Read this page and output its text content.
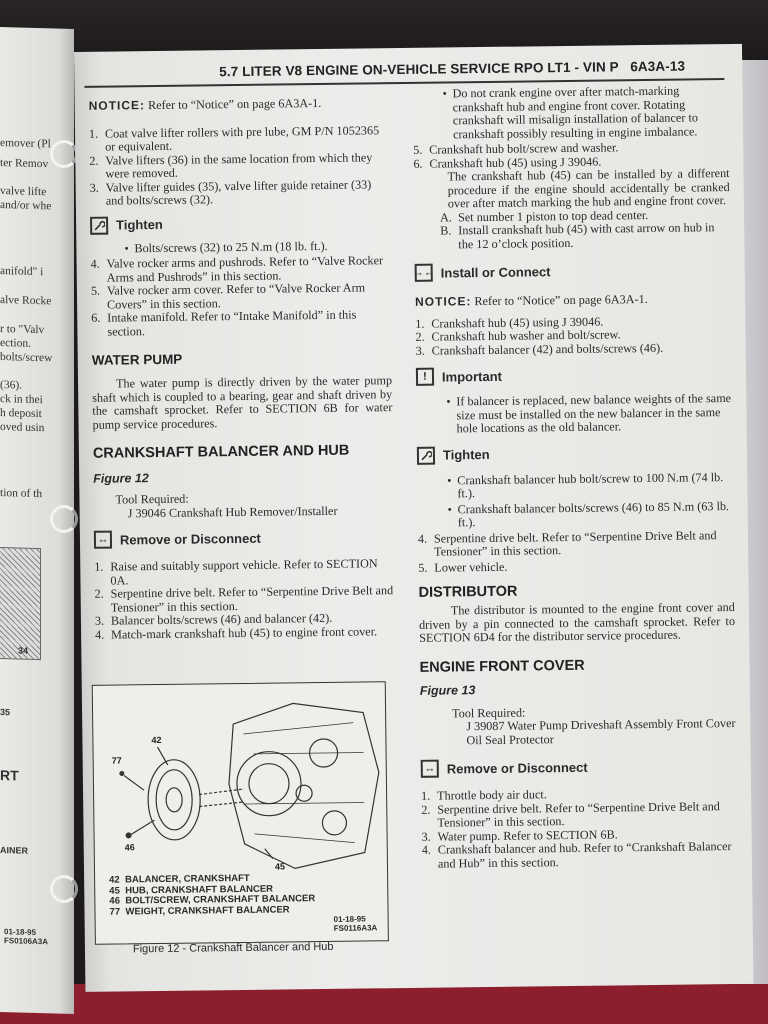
emover (Pl
ter Remov
valve lifte
and/or whe
anifold" i
alve Rocke
r to "Valv
ection.
bolts/screw
(36).
ck in thei
h deposit
oved usin
tion of th
34
35
RT
AINER
01-18-95
FS0106A3A
5.7 LITER V8 ENGINE ON-VEHICLE SERVICE RPO LT1 - VIN P 6A3A-13

NOTICE: Refer to “Notice” on page 6A3A-1.

1. Coat valve lifter rollers with pre lube, GM P/N 1052365 or equivalent.
2. Valve lifters (36) in the same location from which they were removed.
3. Valve lifter guides (35), valve lifter guide retainer (33) and bolts/screws (32).
Tighten
• Bolts/screws (32) to 25 N.m (18 lb. ft.).
4. Valve rocker arms and pushrods. Refer to “Valve Rocker Arms and Pushrods” in this section.
5. Valve rocker arm cover. Refer to “Valve Rocker Arm Covers” in this section.
6. Intake manifold. Refer to “Intake Manifold” in this section.
WATER PUMP

The water pump is directly driven by the water pump shaft which is coupled to a bearing, gear and shaft driven by the camshaft sprocket. Refer to SECTION 6B for water pump service procedures.

CRANKSHAFT BALANCER AND HUB

Figure 12

Tool Required:

J 39046 Crankshaft Hub Remover/Installer

↔ Remove or Disconnect
1. Raise and suitably support vehicle. Refer to SECTION 0A.
2. Serpentine drive belt. Refer to “Serpentine Drive Belt and Tensioner” in this section.
3. Balancer bolts/screws (46) and balancer (42).
4. Match-mark crankshaft hub (45) to engine front cover.
42
77
46
45
42 BALANCER, CRANKSHAFT
45 HUB, CRANKSHAFT BALANCER
46 BOLT/SCREW, CRANKSHAFT BALANCER
77 WEIGHT, CRANKSHAFT BALANCER
01-18-95
FS0116A3A
Figure 12 - Crankshaft Balancer and Hub
• Do not crank engine over after match-marking crankshaft hub and engine front cover. Rotating crankshaft will misalign installation of balancer to crankshaft possibly resulting in engine imbalance.
5. Crankshaft hub bolt/screw and washer.
6. Crankshaft hub (45) using J 39046.

The crankshaft hub (45) can be installed by a different procedure if the engine should accidentally be cranked over after match marking the hub and engine front cover.

A. Set number 1 piston to top dead center.
B. Install crankshaft hub (45) with cast arrow on hub in the 12 o’clock position.
→← Install or Connect

NOTICE: Refer to “Notice” on page 6A3A-1.

1. Crankshaft hub (45) using J 39046.
2. Crankshaft hub washer and bolt/screw.
3. Crankshaft balancer (42) and bolts/screws (46).
!	Important
• If balancer is replaced, new balance weights of the same size must be installed on the new balancer in the same hole locations as the old balancer.
Tighten
• Crankshaft balancer hub bolt/screw to 100 N.m (74 lb. ft.).
• Crankshaft balancer bolts/screws (46) to 85 N.m (63 lb. ft.).
4. Serpentine drive belt. Refer to “Serpentine Drive Belt and Tensioner” in this section.
5. Lower vehicle.
DISTRIBUTOR

The distributor is mounted to the engine front cover and driven by a pin connected to the camshaft sprocket. Refer to SECTION 6D4 for the distributor service procedures.

ENGINE FRONT COVER

Figure 13

Tool Required:

J 39087 Water Pump Driveshaft Assembly Front Cover Oil Seal Protector

↔ Remove or Disconnect
1. Throttle body air duct.
2. Serpentine drive belt. Refer to “Serpentine Drive Belt and Tensioner” in this section.
3. Water pump. Refer to SECTION 6B.
4. Crankshaft balancer and hub. Refer to “Crankshaft Balancer and Hub” in this section.
